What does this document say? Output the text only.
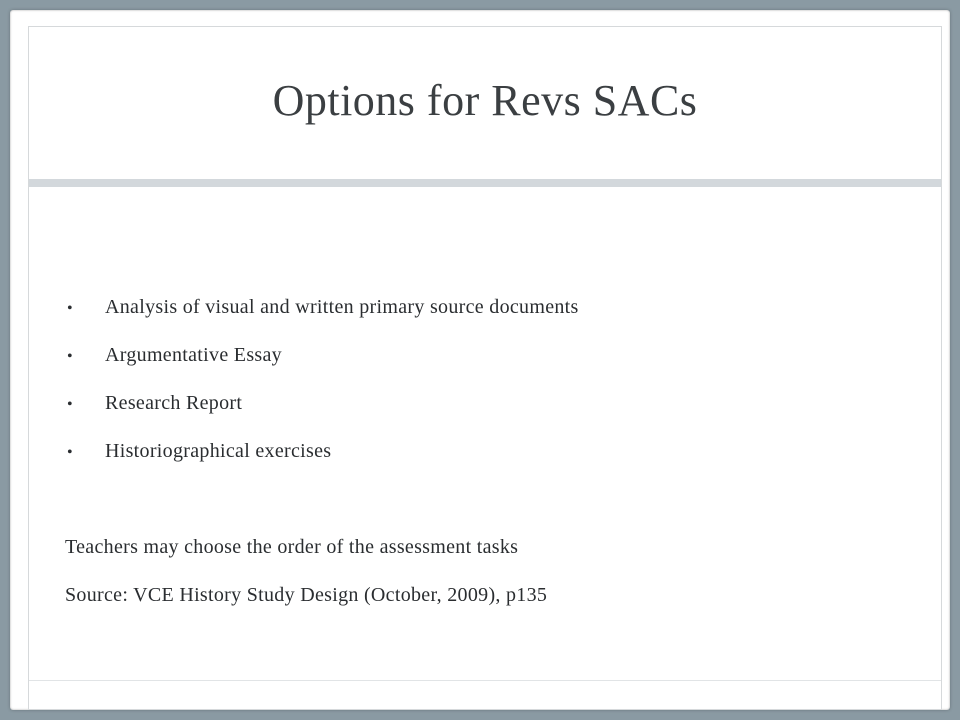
Options for Revs SACs
•	Analysis of visual and written primary source documents
•	Argumentative Essay
•	Research Report
•	Historiographical exercises

Teachers may choose the order of the assessment tasks

Source: VCE History Study Design (October, 2009), p135
